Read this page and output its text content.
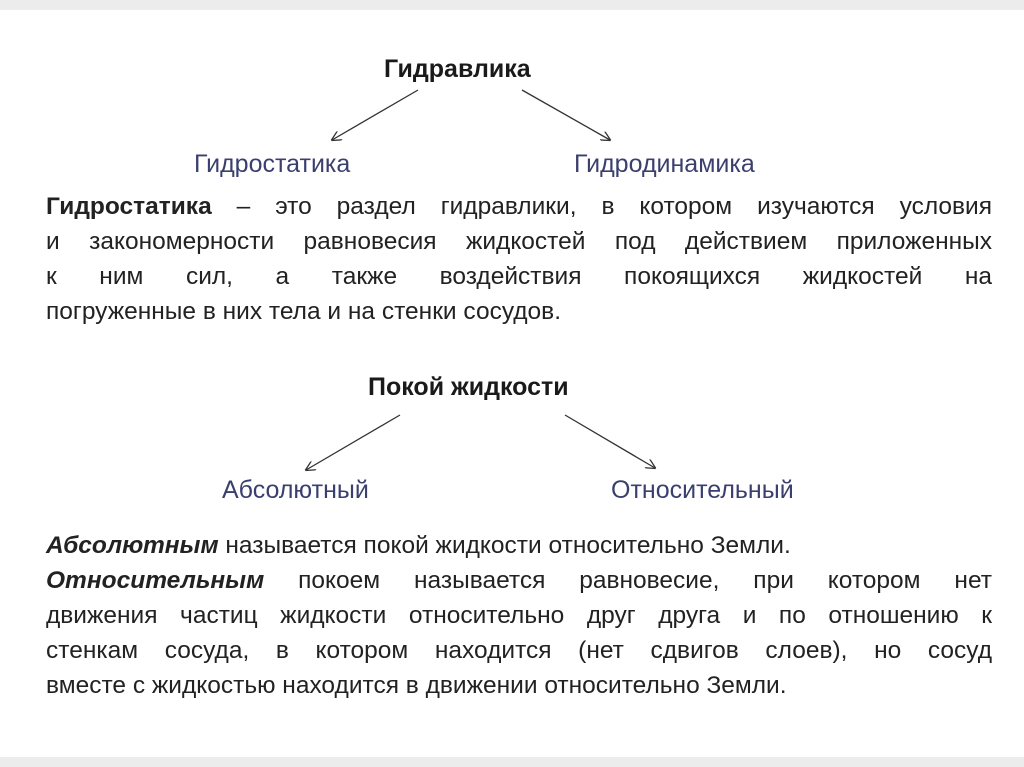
Гидравлика
Гидростатика	Гидродинамика
Гидростатика – это раздел гидравлики, в котором изучаются условия
и закономерности равновесия жидкостей под действием приложенных
к ним сил, а также воздействия покоящихся жидкостей на
погруженные в них тела и на стенки сосудов.
Покой жидкости
Абсолютный	Относительный
Абсолютным называется покой жидкости относительно Земли.
Относительным покоем называется равновесие, при котором нет
движения частиц жидкости относительно друг друга и по отношению к
стенкам сосуда, в котором находится (нет сдвигов слоев), но сосуд
вместе с жидкостью находится в движении относительно Земли.
